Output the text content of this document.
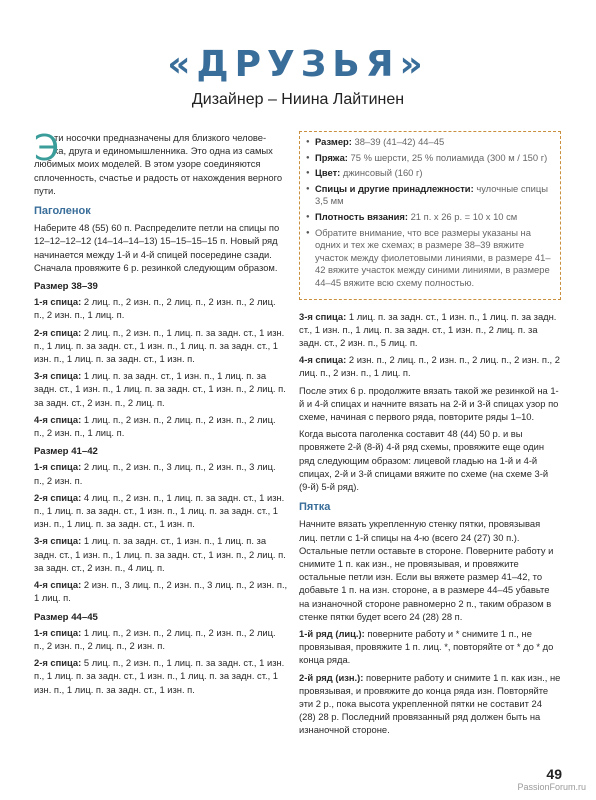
«ДРУЗЬЯ»
Дизайнер – Ниина Лайтинен
Э
ти носочки предназначены для близкого челове-
ка, друга и единомышленника. Это одна из самых
любимых моих моделей. В этом узоре соединяются сплоченность, счастье и радость от нахождения верного пути.
Паголенок

Наберите 48 (55) 60 п. Распределите петли на спицы по 12–12–12–12 (14–14–14–13) 15–15–15–15 п. Новый ряд начинается между 1-й и 4-й спицей посередине сзади. Сначала провяжите 6 р. резинкой следующим образом.

Размер 38–39
1-я спица: 2 лиц. п., 2 изн. п., 2 лиц. п., 2 изн. п., 2 лиц. п., 2 изн. п., 1 лиц. п.
2-я спица: 2 лиц. п., 2 изн. п., 1 лиц. п. за задн. ст., 1 изн. п., 1 лиц. п. за задн. ст., 1 изн. п., 1 лиц. п. за задн. ст., 1 изн. п., 1 лиц. п. за задн. ст., 1 изн. п.
3-я спица: 1 лиц. п. за задн. ст., 1 изн. п., 1 лиц. п. за задн. ст., 1 изн. п., 1 лиц. п. за задн. ст., 1 изн. п., 2 лиц. п. за задн. ст., 2 изн. п., 2 лиц. п.
4-я спица: 1 лиц. п., 2 изн. п., 2 лиц. п., 2 изн. п., 2 лиц. п., 2 изн. п., 1 лиц. п.
Размер 41–42
1-я спица: 2 лиц. п., 2 изн. п., 3 лиц. п., 2 изн. п., 3 лиц. п., 2 изн. п.
2-я спица: 4 лиц. п., 2 изн. п., 1 лиц. п. за задн. ст., 1 изн. п., 1 лиц. п. за задн. ст., 1 изн. п., 1 лиц. п. за задн. ст., 1 изн. п., 1 лиц. п. за задн. ст., 1 изн. п.
3-я спица: 1 лиц. п. за задн. ст., 1 изн. п., 1 лиц. п. за задн. ст., 1 изн. п., 1 лиц. п. за задн. ст., 1 изн. п., 2 лиц. п. за задн. ст., 2 изн. п., 4 лиц. п.
4-я спица: 2 изн. п., 3 лиц. п., 2 изн. п., 3 лиц. п., 2 изн. п., 1 лиц. п.
Размер 44–45
1-я спица: 1 лиц. п., 2 изн. п., 2 лиц. п., 2 изн. п., 2 лиц. п., 2 изн. п., 2 лиц. п., 2 изн. п.
2-я спица: 5 лиц. п., 2 изн. п., 1 лиц. п. за задн. ст., 1 изн. п., 1 лиц. п. за задн. ст., 1 изн. п., 1 лиц. п. за задн. ст., 1 изн. п., 1 лиц. п. за задн. ст., 1 изн. п.
● Размер: 38–39 (41–42) 44–45
● Пряжа: 75 % шерсти, 25 % полиамида (300 м / 150 г)
● Цвет: джинсовый (160 г)
● Спицы и другие принадлежности: чулочные спицы 3,5 мм
● Плотность вязания: 21 п. х 26 р. = 10 х 10 см
● Обратите внимание, что все размеры указаны на одних и тех же схемах; в размере 38–39 вяжите участок между фиолетовыми линиями, в размере 41–42 вяжите участок между синими линиями, в размере 44–45 вяжите всю схему полностью.
3-я спица: 1 лиц. п. за задн. ст., 1 изн. п., 1 лиц. п. за задн. ст., 1 изн. п., 1 лиц. п. за задн. ст., 1 изн. п., 2 лиц. п. за задн. ст., 2 изн. п., 5 лиц. п.
4-я спица: 2 изн. п., 2 лиц. п., 2 изн. п., 2 лиц. п., 2 изн. п., 2 лиц. п., 2 изн. п., 1 лиц. п.

После этих 6 р. продолжите вязать такой же резинкой на 1-й и 4-й спицах и начните вязать на 2-й и 3-й спицах узор по схеме, начиная с первого ряда, повторите ряды 1–10.

Когда высота паголенка составит 48 (44) 50 р. и вы провяжете 2-й (8-й) 4-й ряд схемы, провяжите еще один ряд следующим образом: лицевой гладью на 1-й и 4-й спицах, 2-й и 3-й спицами вяжите по схеме (на схеме 3-й (9-й) 5-й ряд).

Пятка

Начните вязать укрепленную стенку пятки, провязывая лиц. петли с 1-й спицы на 4-ю (всего 24 (27) 30 п.). Остальные петли оставьте в стороне. Поверните работу и снимите 1 п. как изн., не провязывая, и провяжите остальные петли изн. Если вы вяжете размер 41–42, то добавьте 1 п. на изн. стороне, а в размере 44–45 убавьте на изнаночной стороне равномерно 2 п., таким образом в стенке пятки будет всего 24 (28) 28 п.

1-й ряд (лиц.): поверните работу и * снимите 1 п., не провязывая, провяжите 1 п. лиц. *, повторяйте от * до * до конца ряда.
2-й ряд (изн.): поверните работу и снимите 1 п. как изн., не провязывая, и провяжите до конца ряда изн. Повторяйте эти 2 р., пока высота укрепленной пятки не составит 24 (28) 28 р. Последний провязанный ряд должен быть на изнаночной стороне.
49
PassionForum.ru
